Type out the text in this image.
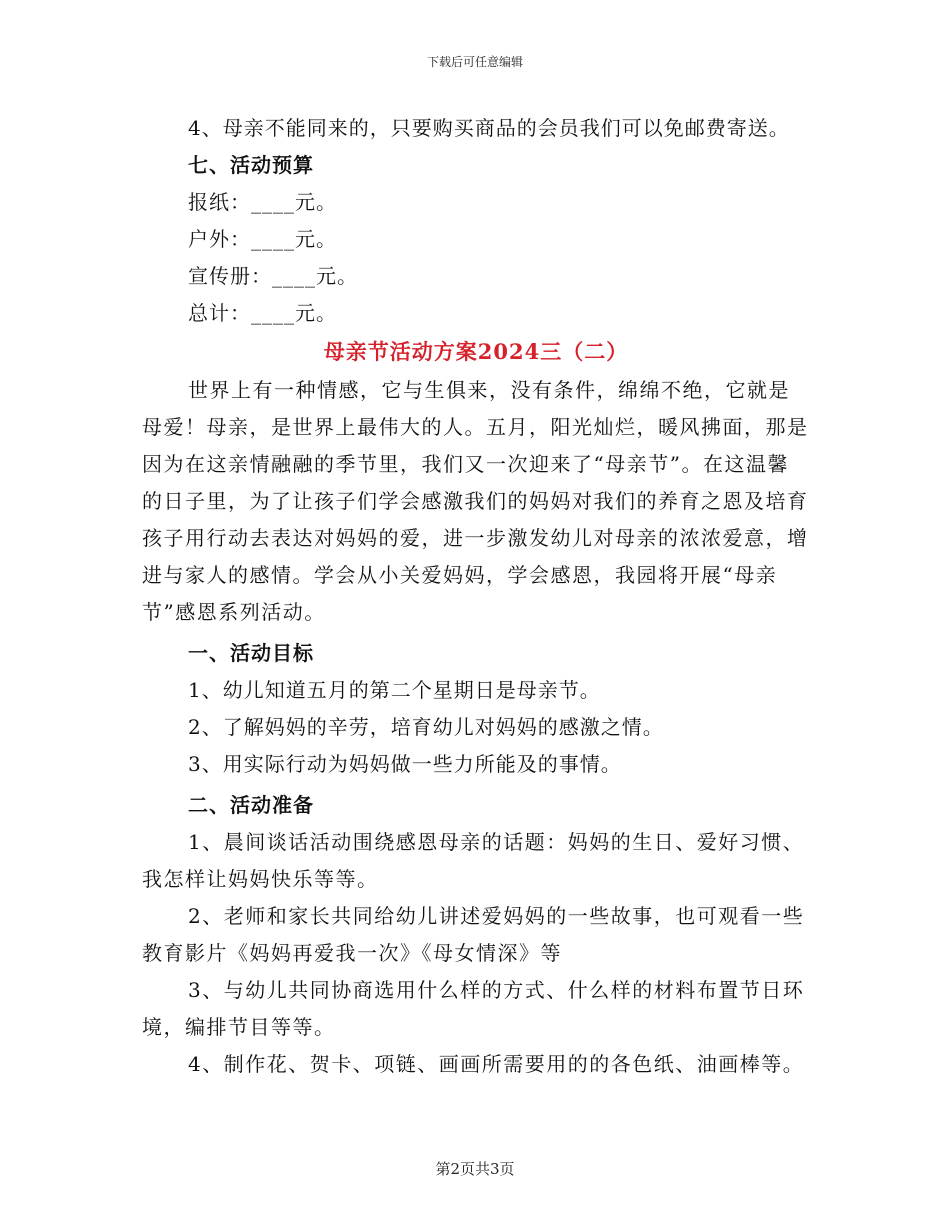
下载后可任意编辑
4、母亲不能同来的，只要购买商品的会员我们可以免邮费寄送。
七、活动预算
报纸：____元。
户外：____元。
宣传册：____元。
总计：____元。
母亲节活动方案2024三（二）

世界上有一种情感，它与生俱来，没有条件，绵绵不绝，它就是母爱！母亲，是世界上最伟大的人。五月，阳光灿烂，暖风拂面，那是因为在这亲情融融的季节里，我们又一次迎来了“母亲节”。在这温馨的日子里，为了让孩子们学会感激我们的妈妈对我们的养育之恩及培育孩子用行动去表达对妈妈的爱，进一步激发幼儿对母亲的浓浓爱意，增进与家人的感情。学会从小关爱妈妈，学会感恩，我园将开展“母亲节”感恩系列活动。

一、活动目标
1、幼儿知道五月的第二个星期日是母亲节。
2、了解妈妈的辛劳，培育幼儿对妈妈的感激之情。
3、用实际行动为妈妈做一些力所能及的事情。
二、活动准备

1、晨间谈话活动围绕感恩母亲的话题：妈妈的生日、爱好习惯、我怎样让妈妈快乐等等。

2、老师和家长共同给幼儿讲述爱妈妈的一些故事，也可观看一些教育影片《妈妈再爱我一次》《母女情深》等

3、与幼儿共同协商选用什么样的方式、什么样的材料布置节日环境，编排节目等等。

4、制作花、贺卡、项链、画画所需要用的的各色纸、油画棒等。

第2页共3页
